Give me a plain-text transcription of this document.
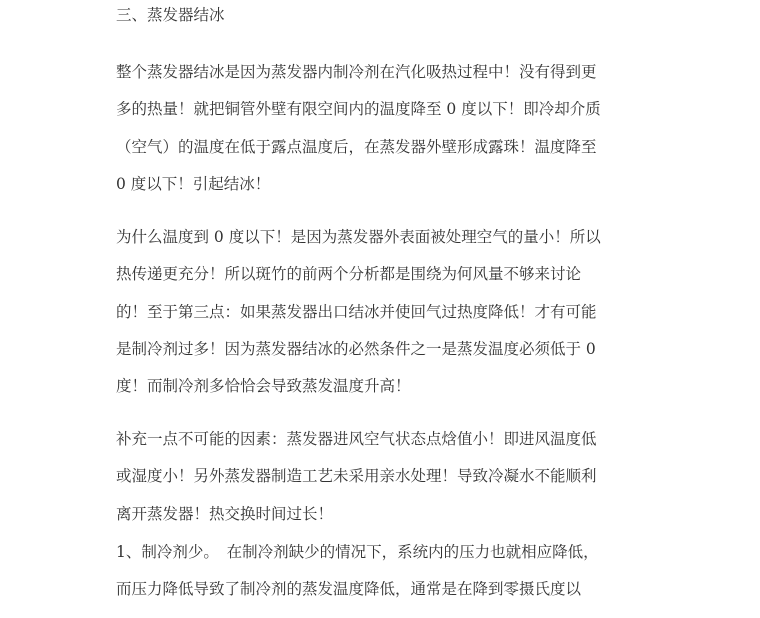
三、蒸发器结冰
整个蒸发器结冰是因为蒸发器内制冷剂在汽化吸热过程中！没有得到更
多的热量！就把铜管外壁有限空间内的温度降至 0 度以下！即冷却介质
（空气）的温度在低于露点温度后，在蒸发器外壁形成露珠！温度降至
0 度以下！引起结冰！
为什么温度到 0 度以下！是因为蒸发器外表面被处理空气的量小！所以
热传递更充分！所以斑竹的前两个分析都是围绕为何风量不够来讨论
的！至于第三点：如果蒸发器出口结冰并使回气过热度降低！才有可能
是制冷剂过多！因为蒸发器结冰的必然条件之一是蒸发温度必须低于 0
度！而制冷剂多恰恰会导致蒸发温度升高！
补充一点不可能的因素：蒸发器进风空气状态点焓值小！即进风温度低
或湿度小！另外蒸发器制造工艺未采用亲水处理！导致冷凝水不能顺利
离开蒸发器！热交换时间过长！
1、制冷剂少。　在制冷剂缺少的情况下，系统内的压力也就相应降低，
而压力降低导致了制冷剂的蒸发温度降低，通常是在降到零摄氏度以
